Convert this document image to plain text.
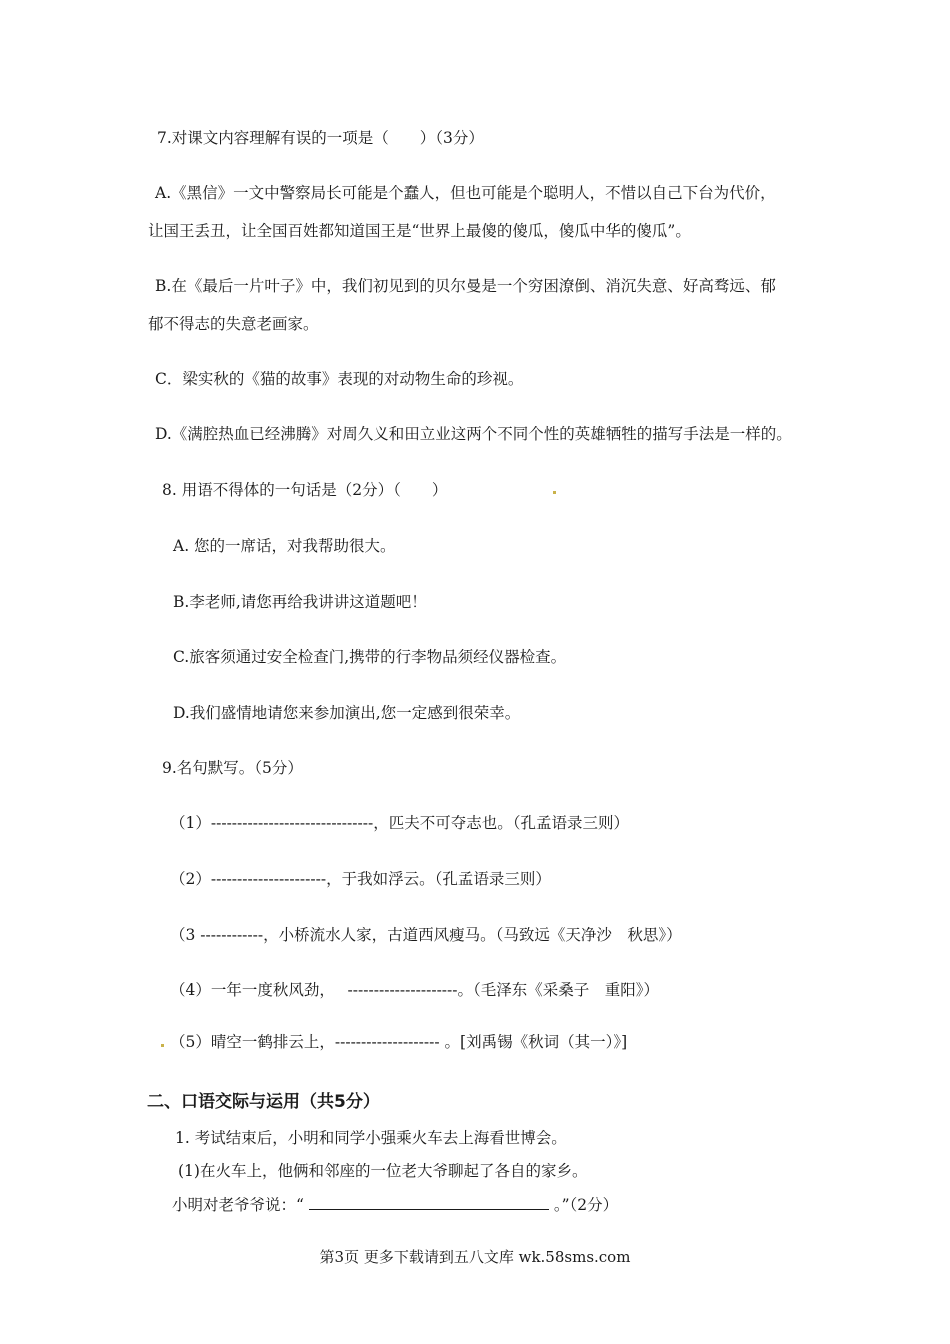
7.对课文内容理解有误的一项是（　　）（3分）
A.《黑信》一文中警察局长可能是个蠢人，但也可能是个聪明人，不惜以自己下台为代价，
让国王丢丑，让全国百姓都知道国王是“世界上最傻的傻瓜，傻瓜中华的傻瓜”。
B.在《最后一片叶子》中，我们初见到的贝尔曼是一个穷困潦倒、消沉失意、好高骛远、郁
郁不得志的失意老画家。
C．梁实秋的《猫的故事》表现的对动物生命的珍视。
D.《满腔热血已经沸腾》对周久义和田立业这两个不同个性的英雄牺牲的描写手法是一样的。
8. 用语不得体的一句话是（2分）（　　）
A. 您的一席话，对我帮助很大。
B.李老师,请您再给我讲讲这道题吧！
C.旅客须通过安全检查门,携带的行李物品须经仪器检查。
D.我们盛情地请您来参加演出,您一定感到很荣幸。
9.名句默写。（5分）
（1）-------------------------------，匹夫不可夺志也。（孔孟语录三则）
（2）----------------------，于我如浮云。（孔孟语录三则）
（3 ------------，小桥流水人家，古道西风瘦马。（马致远《天净沙　秋思》）
（4）一年一度秋风劲，　 ---------------------。（毛泽东《采桑子　重阳》）
（5）晴空一鹤排云上，-------------------- 。[刘禹锡《秋词（其一）》]
二、口语交际与运用（共5分）
1. 考试结束后，小明和同学小强乘火车去上海看世博会。
(1)在火车上，他俩和邻座的一位老大爷聊起了各自的家乡。
小明对老爷爷说：“	。”（2分）
第3页 更多下载请到五八文库 wk.58sms.com
